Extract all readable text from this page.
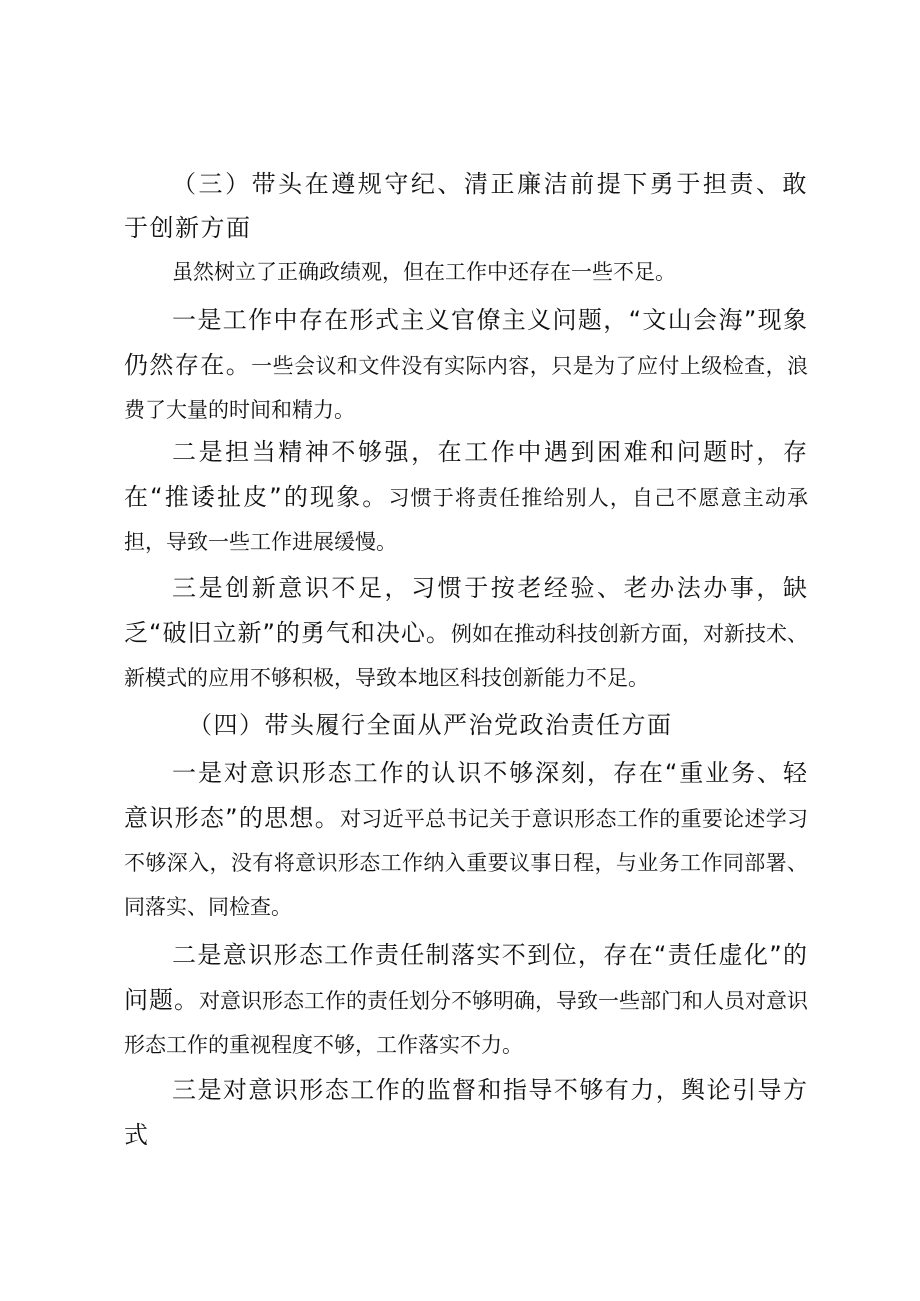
（三）带头在遵规守纪、清正廉洁前提下勇于担责、敢于创新方面

虽然树立了正确政绩观，但在工作中还存在一些不足。

一是工作中存在形式主义官僚主义问题，“文山会海”现象仍然存在。一些会议和文件没有实际内容，只是为了应付上级检查，浪费了大量的时间和精力。

二是担当精神不够强，在工作中遇到困难和问题时，存在“推诿扯皮”的现象。习惯于将责任推给别人，自己不愿意主动承担，导致一些工作进展缓慢。

三是创新意识不足，习惯于按老经验、老办法办事，缺乏“破旧立新”的勇气和决心。例如在推动科技创新方面，对新技术、新模式的应用不够积极，导致本地区科技创新能力不足。

（四）带头履行全面从严治党政治责任方面

一是对意识形态工作的认识不够深刻，存在“重业务、轻意识形态”的思想。对习近平总书记关于意识形态工作的重要论述学习不够深入，没有将意识形态工作纳入重要议事日程，与业务工作同部署、同落实、同检查。

二是意识形态工作责任制落实不到位，存在“责任虚化”的问题。对意识形态工作的责任划分不够明确，导致一些部门和人员对意识形态工作的重视程度不够，工作落实不力。

三是对意识形态工作的监督和指导不够有力，舆论引导方式
